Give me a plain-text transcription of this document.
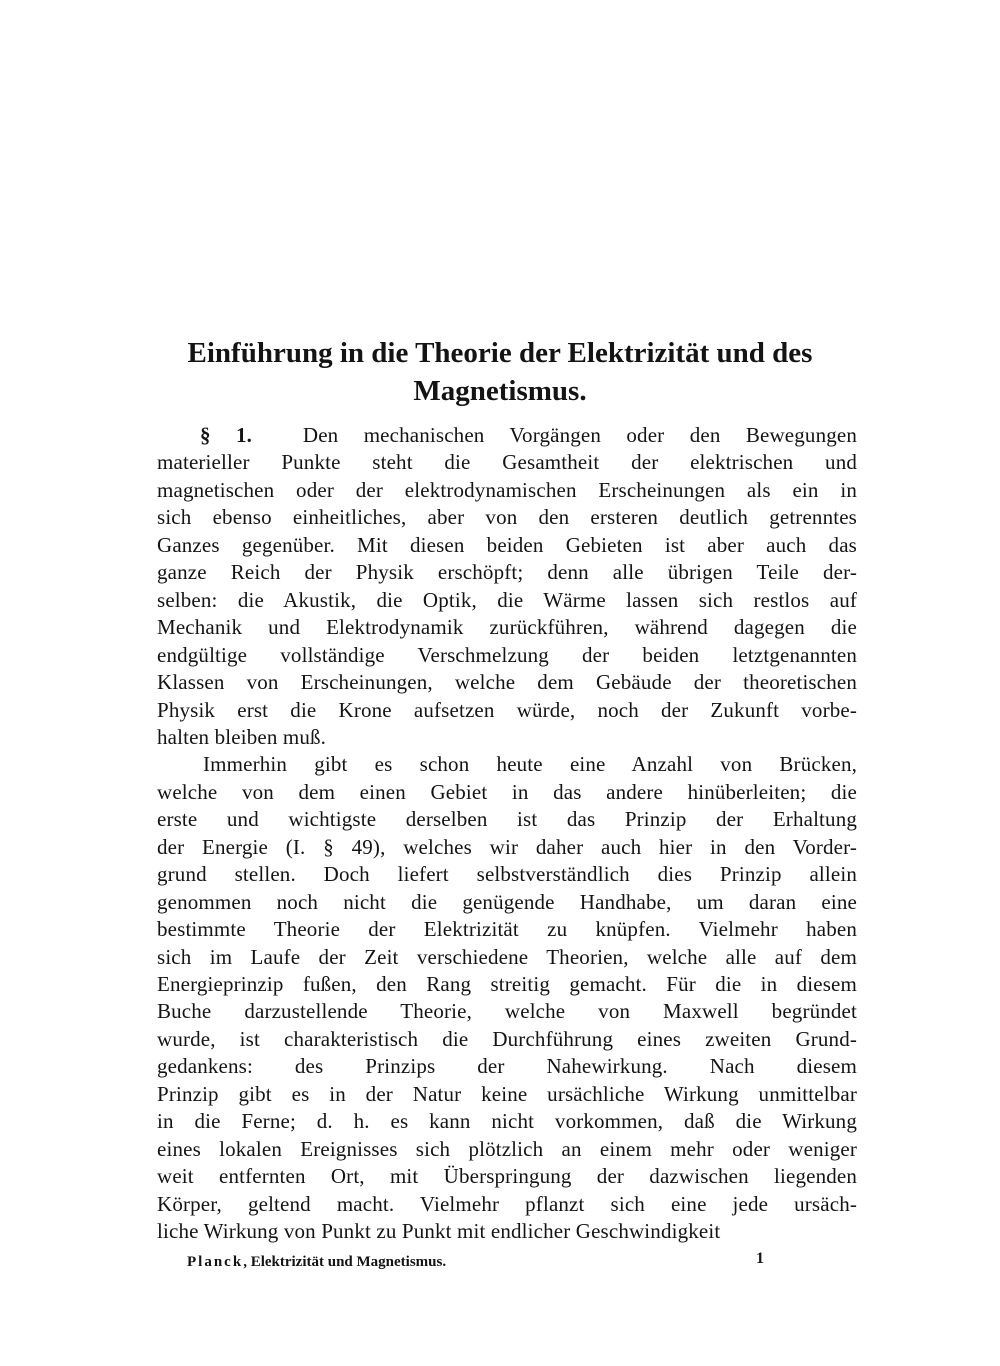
Einführung in die Theorie der Elektrizität und des
Magnetismus.
§ 1. Den mechanischen Vorgängen oder den Bewegungen
materieller Punkte steht die Gesamtheit der elektrischen und
magnetischen oder der elektrodynamischen Erscheinungen als ein in
sich ebenso einheitliches, aber von den ersteren deutlich getrenntes
Ganzes gegenüber. Mit diesen beiden Gebieten ist aber auch das
ganze Reich der Physik erschöpft; denn alle übrigen Teile der-
selben: die Akustik, die Optik, die Wärme lassen sich restlos auf
Mechanik und Elektrodynamik zurückführen, während dagegen die
endgültige vollständige Verschmelzung der beiden letztgenannten
Klassen von Erscheinungen, welche dem Gebäude der theoretischen
Physik erst die Krone aufsetzen würde, noch der Zukunft vorbe-
halten bleiben muß.
Immerhin gibt es schon heute eine Anzahl von Brücken,
welche von dem einen Gebiet in das andere hinüberleiten; die
erste und wichtigste derselben ist das Prinzip der Erhaltung
der Energie (I. § 49), welches wir daher auch hier in den Vorder-
grund stellen. Doch liefert selbstverständlich dies Prinzip allein
genommen noch nicht die genügende Handhabe, um daran eine
bestimmte Theorie der Elektrizität zu knüpfen. Vielmehr haben
sich im Laufe der Zeit verschiedene Theorien, welche alle auf dem
Energieprinzip fußen, den Rang streitig gemacht. Für die in diesem
Buche darzustellende Theorie, welche von Maxwell begründet
wurde, ist charakteristisch die Durchführung eines zweiten Grund-
gedankens: des Prinzips der Nahewirkung. Nach diesem
Prinzip gibt es in der Natur keine ursächliche Wirkung unmittelbar
in die Ferne; d. h. es kann nicht vorkommen, daß die Wirkung
eines lokalen Ereignisses sich plötzlich an einem mehr oder weniger
weit entfernten Ort, mit Überspringung der dazwischen liegenden
Körper, geltend macht. Vielmehr pflanzt sich eine jede ursäch-
liche Wirkung von Punkt zu Punkt mit endlicher Geschwindigkeit
Planck, Elektrizität und Magnetismus.	1
